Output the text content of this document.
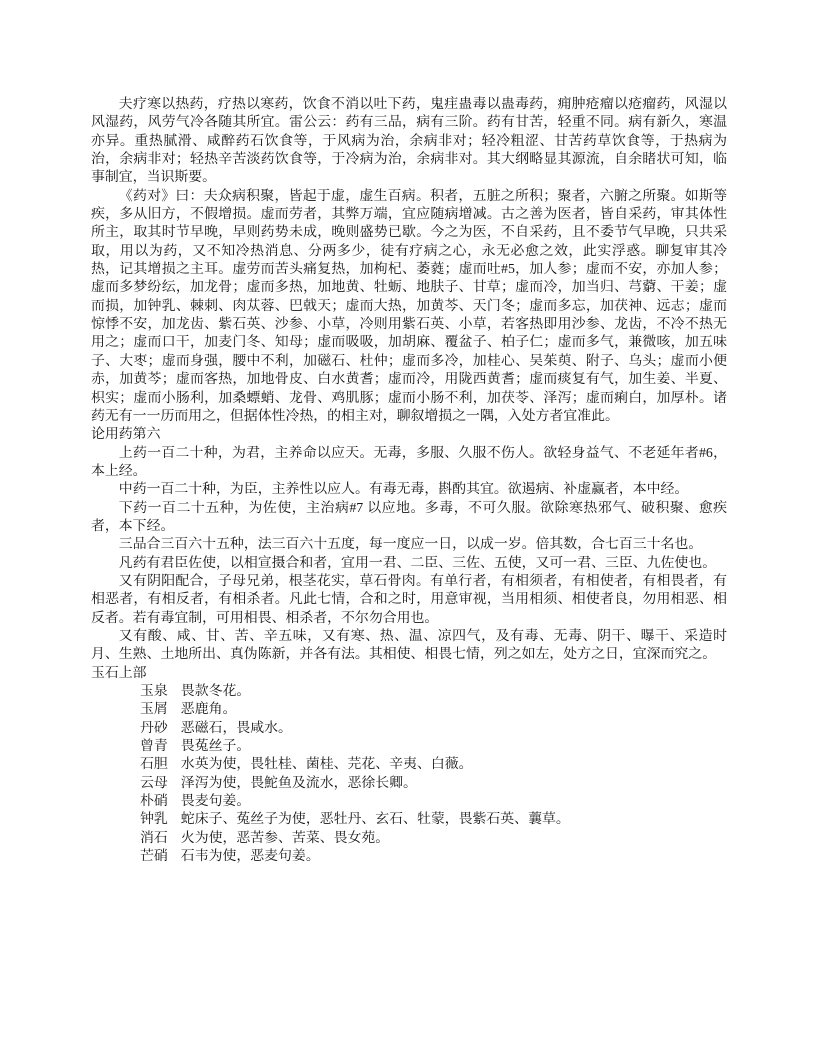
夫疗寒以热药，疗热以寒药，饮食不消以吐下药，鬼疰蛊毒以蛊毒药，痈肿疮瘤以疮瘤药，风湿以风湿药，风劳气冷各随其所宜。雷公云：药有三品，病有三阶。药有甘苦，轻重不同。病有新久，寒温亦异。重热腻滑、咸醉药石饮食等，于风病为治，余病非对；轻冷粗涩、甘苦药草饮食等，于热病为治，余病非对；轻热辛苦淡药饮食等，于冷病为治，余病非对。其大纲略显其源流，自余睹状可知，临事制宜，当识斯要。

《药对》曰：夫众病积聚，皆起于虚，虚生百病。积者，五脏之所积；聚者，六腑之所聚。如斯等疾，多从旧方，不假增损。虚而劳者，其弊万端，宜应随病增减。古之善为医者，皆自采药，审其体性所主，取其时节早晚，早则药势未成，晚则盛势已歇。今之为医，不自采药，且不委节气早晚，只共采取，用以为药，又不知冷热消息、分两多少，徒有疗病之心，永无必愈之效，此实浮惑。聊复审其冷热，记其增损之主耳。虚劳而苦头痛复热，加枸杞、萎蕤；虚而吐#5，加人参；虚而不安，亦加人参；虚而多梦纷纭，加龙骨；虚而多热，加地黄、牡蛎、地肤子、甘草；虚而冷，加当归、芎藭、干姜；虚而损，加钟乳、棘刺、肉苁蓉、巴戟天；虚而大热，加黄芩、天门冬；虚而多忘，加茯神、远志；虚而惊悸不安，加龙齿、紫石英、沙参、小草，冷则用紫石英、小草，若客热即用沙参、龙齿，不冷不热无用之；虚而口干，加麦门冬、知母；虚而吸吸，加胡麻、覆盆子、柏子仁；虚而多气，兼微咳，加五味子、大枣；虚而身强，腰中不利，加磁石、杜仲；虚而多冷，加桂心、吴茱萸、附子、乌头；虚而小便赤，加黄芩；虚而客热，加地骨皮、白水黄耆；虚而冷，用陇西黄耆；虚而痰复有气，加生姜、半夏、枳实；虚而小肠利，加桑螵蛸、龙骨、鸡肌豚；虚而小肠不利，加茯苓、泽泻；虚而痢白，加厚朴。诸药无有一一历而用之，但据体性冷热，的相主对，聊叙增损之一隅，入处方者宜准此。

论用药第六

上药一百二十种，为君，主养命以应天。无毒，多服、久服不伤人。欲轻身益气、不老延年者#6，本上经。

中药一百二十种，为臣，主养性以应人。有毒无毒，斟酌其宜。欲遏病、补虚赢者，本中经。

下药一百二十五种，为佐使，主治病#7 以应地。多毒，不可久服。欲除寒热邪气、破积聚、愈疾者，本下经。

三品合三百六十五种，法三百六十五度，每一度应一日，以成一岁。倍其数，合七百三十名也。

凡药有君臣佐使，以相宣摄合和者，宜用一君、二臣、三佐、五使，又可一君、三臣、九佐使也。

又有阴阳配合，子母兄弟，根茎花实，草石骨肉。有单行者，有相须者，有相使者，有相畏者，有相恶者，有相反者，有相杀者。凡此七情，合和之时，用意审视，当用相须、相使者良，勿用相恶、相反者。若有毒宜制，可用相畏、相杀者，不尔勿合用也。

又有酸、咸、甘、苦、辛五味，又有寒、热、温、凉四气，及有毒、无毒、阴干、曝干、采造时月、生熟、土地所出、真伪陈新，并各有法。其相使、相畏七情，列之如左，处方之日，宜深而究之。

玉石上部

玉泉 畏款冬花。
玉屑 恶鹿角。
丹砂 恶磁石，畏咸水。
曾青 畏菟丝子。
石胆 水英为使，畏牡桂、菌桂、芫花、辛夷、白薇。
云母 泽泻为使，畏鮀鱼及流水，恶徐长卿。
朴硝 畏麦句姜。
钟乳 蛇床子、菟丝子为使，恶牡丹、玄石、牡蒙，畏紫石英、蘘草。
消石 火为使，恶苦参、苦菜、畏女苑。
芒硝 石韦为使，恶麦句姜。
